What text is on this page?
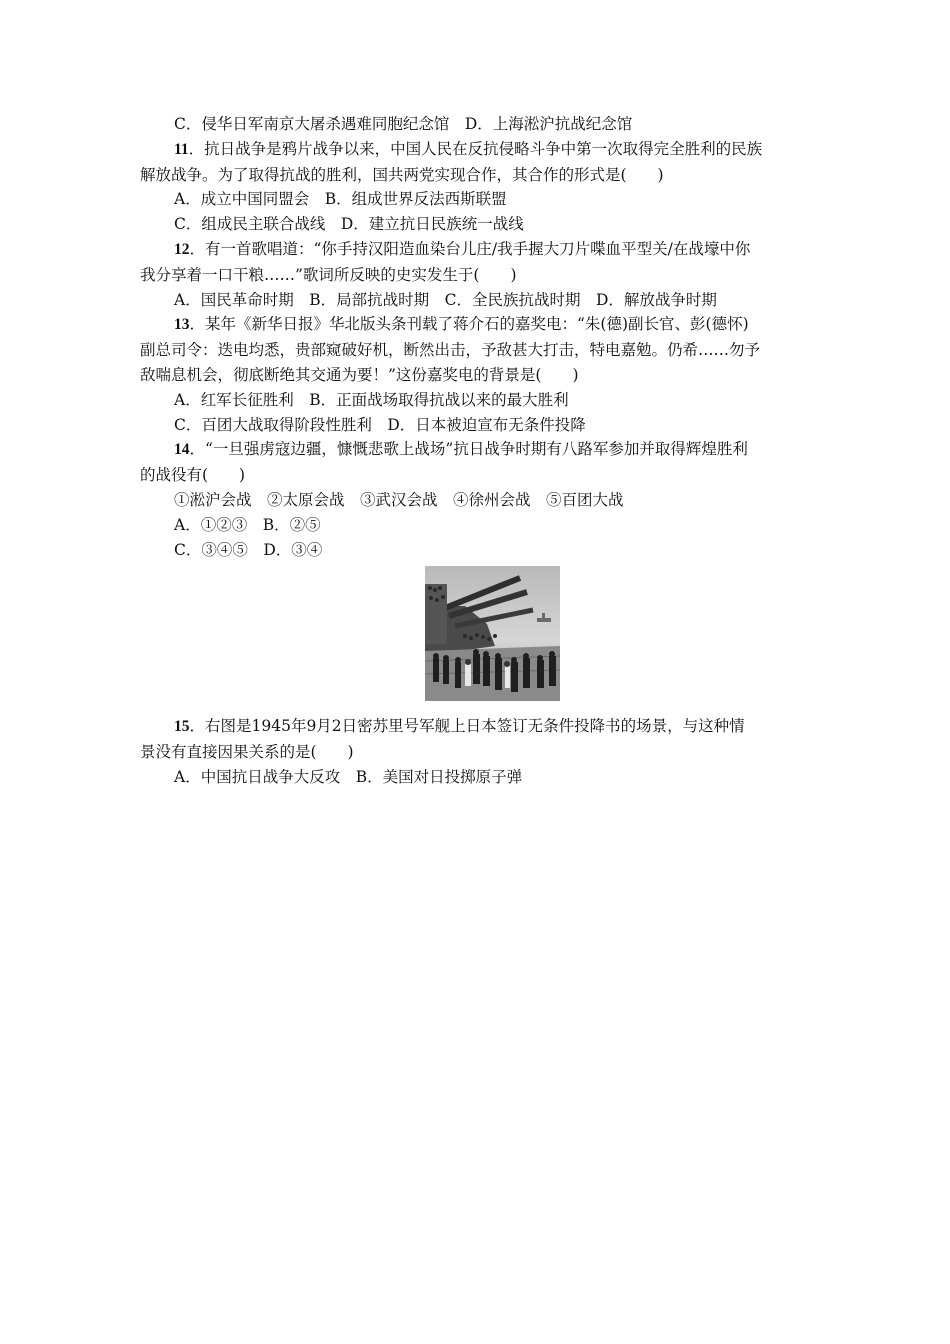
C．侵华日军南京大屠杀遇难同胞纪念馆　D．上海淞沪抗战纪念馆

11．抗日战争是鸦片战争以来，中国人民在反抗侵略斗争中第一次取得完全胜利的民族

解放战争。为了取得抗战的胜利，国共两党实现合作，其合作的形式是(　　)

A．成立中国同盟会　B．组成世界反法西斯联盟

C．组成民主联合战线　D．建立抗日民族统一战线

12．有一首歌唱道：“你手持汉阳造血染台儿庄/我手握大刀片喋血平型关/在战壕中你

我分享着一口干粮……”歌词所反映的史实发生于(　　)

A．国民革命时期　B．局部抗战时期　C．全民族抗战时期　D．解放战争时期

13．某年《新华日报》华北版头条刊载了蒋介石的嘉奖电：“朱(德)副长官、彭(德怀)

副总司令：迭电均悉，贵部窥破好机，断然出击，予敌甚大打击，特电嘉勉。仍希……勿予

敌喘息机会，彻底断绝其交通为要！”这份嘉奖电的背景是(　　)

A．红军长征胜利　B．正面战场取得抗战以来的最大胜利

C．百团大战取得阶段性胜利　D．日本被迫宣布无条件投降

14．“一旦强虏寇边疆，慷慨悲歌上战场”抗日战争时期有八路军参加并取得辉煌胜利

的战役有(　　)

①淞沪会战　②太原会战　③武汉会战　④徐州会战　⑤百团大战

A．①②③　B．②⑤

C．③④⑤　D．③④

15．右图是1945年9月2日密苏里号军舰上日本签订无条件投降书的场景，与这种情

景没有直接因果关系的是(　　)

A．中国抗日战争大反攻　B．美国对日投掷原子弹
